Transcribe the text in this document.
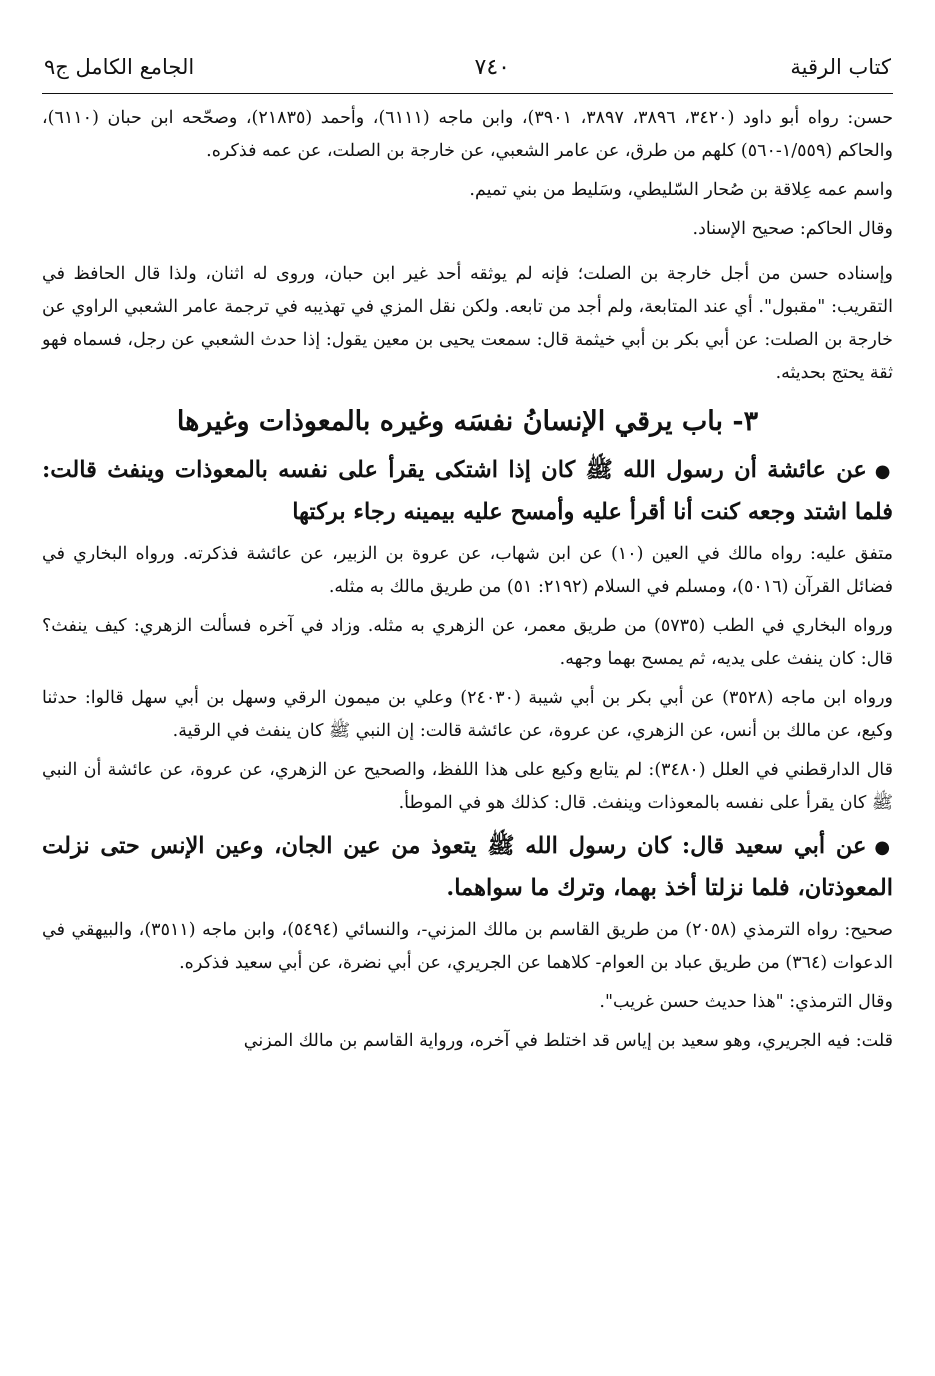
كتاب الرقية
٧٤٠
الجامع الكامل ج٩

حسن: رواه أبو داود (٣٤٢٠، ٣٨٩٦، ٣٨٩٧، ٣٩٠١)، وابن ماجه (٦١١١)، وأحمد (٢١٨٣٥)، وصحّحه ابن حبان (٦١١٠)، والحاكم (١/٥٥٩-٥٦٠) كلهم من طرق، عن عامر الشعبي، عن خارجة بن الصلت، عن عمه فذكره.

واسم عمه عِلاقة بن صُحار السّليطي، وسَليط من بني تميم.

وقال الحاكم: صحيح الإسناد.

وإسناده حسن من أجل خارجة بن الصلت؛ فإنه لم يوثقه أحد غير ابن حبان، وروى له اثنان، ولذا قال الحافظ في التقريب: "مقبول". أي عند المتابعة، ولم أجد من تابعه. ولكن نقل المزي في تهذيبه في ترجمة عامر الشعبي الراوي عن خارجة بن الصلت: عن أبي بكر بن أبي خيثمة قال: سمعت يحيى بن معين يقول: إذا حدث الشعبي عن رجل، فسماه فهو ثقة يحتج بحديثه.

٣- باب يرقي الإنسانُ نفسَه وغيره بالمعوذات وغيرها

●عن عائشة أن رسول الله ﷺ كان إذا اشتكى يقرأ على نفسه بالمعوذات وينفث قالت: فلما اشتد وجعه كنت أنا أقرأ عليه وأمسح عليه بيمينه رجاء بركتها

متفق عليه: رواه مالك في العين (١٠) عن ابن شهاب، عن عروة بن الزبير، عن عائشة فذكرته. ورواه البخاري في فضائل القرآن (٥٠١٦)، ومسلم في السلام (٢١٩٢: ٥١) من طريق مالك به مثله.

ورواه البخاري في الطب (٥٧٣٥) من طريق معمر، عن الزهري به مثله. وزاد في آخره فسألت الزهري: كيف ينفث؟ قال: كان ينفث على يديه، ثم يمسح بهما وجهه.

ورواه ابن ماجه (٣٥٢٨) عن أبي بكر بن أبي شيبة (٢٤٠٣٠) وعلي بن ميمون الرقي وسهل بن أبي سهل قالوا: حدثنا وكيع، عن مالك بن أنس، عن الزهري، عن عروة، عن عائشة قالت: إن النبي ﷺ كان ينفث في الرقية.

قال الدارقطني في العلل (٣٤٨٠): لم يتابع وكيع على هذا اللفظ، والصحيح عن الزهري، عن عروة، عن عائشة أن النبي ﷺ كان يقرأ على نفسه بالمعوذات وينفث. قال: كذلك هو في الموطأ.

●عن أبي سعيد قال: كان رسول الله ﷺ يتعوذ من عين الجان، وعين الإنس حتى نزلت المعوذتان، فلما نزلتا أخذ بهما، وترك ما سواهما.

صحيح: رواه الترمذي (٢٠٥٨) من طريق القاسم بن مالك المزني-، والنسائي (٥٤٩٤)، وابن ماجه (٣٥١١)، والبيهقي في الدعوات (٣٦٤) من طريق عباد بن العوام- كلاهما عن الجريري، عن أبي نضرة، عن أبي سعيد فذكره.

وقال الترمذي: "هذا حديث حسن غريب".

قلت: فيه الجريري، وهو سعيد بن إياس قد اختلط في آخره، ورواية القاسم بن مالك المزني
